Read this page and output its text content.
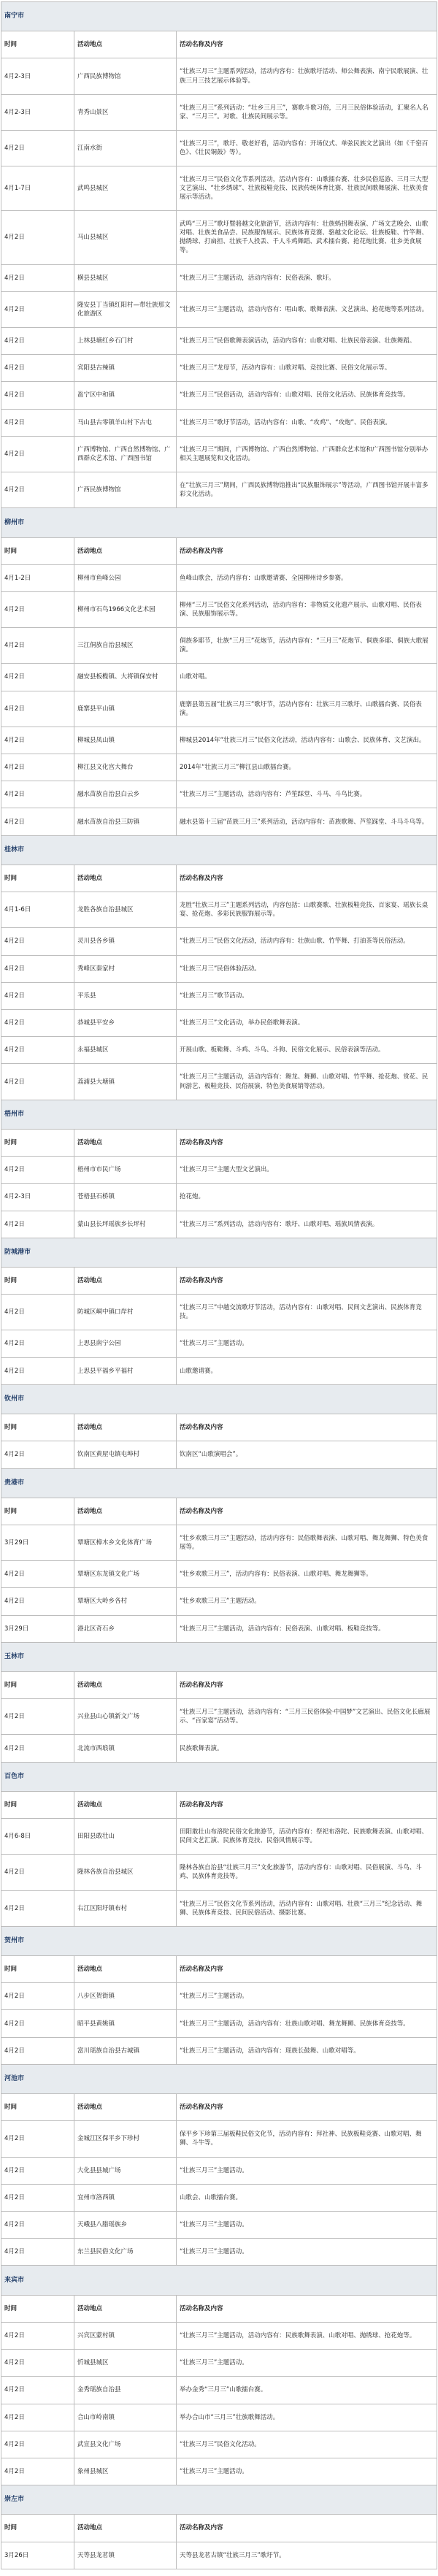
南宁市		
时间	活动地点	活动名称及内容
4月2-3日	广西民族博物馆	“壮族三月三”主题系列活动，活动内容有：壮族歌圩活动、师公舞表演、南宁民歌展演、壮族三月三技艺展示体验等。
4月2-3日	青秀山景区	“壮族三月三”系列活动：“壮乡三月三”，赛歌斗歌习俗，三月三民俗体验活动，汇聚名人名家、“三月三”。对歌、壮族民间展示等。
4月2日	江南水街	“壮族三月三”，歌圩、敬老好看，活动内容有：开场仪式、单弦民族文艺演出（如《千窑百色》、《壮民铜鼓》等）。
4月1-7日	武鸣县城区	“壮族三月三”民俗文化节系列活动，活动内容有：山歌擂台赛、壮乡民俗巡游、三月三大型文艺演出、“壮乡绣球”、壮族板鞋竞技、民族传统体育比赛、壮族民间歌舞展演、壮族美食展示等活动。
4月2日	马山县城区	武鸣“三月三”歌圩暨骆越文化旅游节，活动内容有：壮族蚂拐舞表演、广场文艺晚会、山歌对唱、壮族美食品尝、民族服饰展示、民族体育竞赛、骆越文化论坛、壮族板鞋、竹竿舞、抛绣球、打扁担、壮族千人投丢、千人斗鸡舞蹈、武术擂台赛、抢花炮比赛、壮乡美食展等。
4月2日	横县县城区	“壮族三月三”主题活动，活动内容有：民俗表演、歌圩。
4月2日	隆安县丁当镇红阳村—带壮族那文化旅游区	“壮族三月三”主题活动，活动内容有：唱山歌、歌舞表演、文艺演出、抢花炮等系列活动。
4月2日	上林县塘红乡石门村	“壮族三月三”民俗歌舞表演活动，活动内容有：山歌对唱、壮族民俗表演、壮族舞蹈。
4月2日	宾阳县古辣镇	“壮族三月三”龙母节，活动内容有：山歌对唱、竞技比赛、民俗文化展示等。
4月2日	邕宁区中和镇	“壮族三月三”民俗活动，活动内容有：山歌对唱、民俗文化活动、民族体育竞技等。
4月2日	马山县古零镇羊山村下古屯	“壮族三月三”歌圩节活动，活动内容有：山歌、“攻鸡”、“攻炮”、民俗表演。
4月2日	广西博物馆、广西自然博物馆、广西群众艺术馆、广西图书馆	“壮族三月三”期间，广西博物馆、广西自然博物馆、广西群众艺术馆和广西图书馆分别举办相关主题展览和文化活动。
4月2日	广西民族博物馆	在“壮族三月三”期间，广西民族博物馆推出“民族服饰展示”等活动，广西图书馆开展丰富多彩文化活动。
柳州市		
时间	活动地点	活动名称及内容
4月1-2日	柳州市鱼峰公园	鱼峰山歌会，活动内容有：山歌邀请赛、全国柳州诗乡参赛。
4月2日	柳州市石鸟1966文化艺术园	柳州“三月三”民俗文化系列活动，活动内容有：非物质文化遗产展示、山歌对唱、民俗表演、民族服饰展示等。
4月2日	三江侗族自治县城区	侗族多耶节，壮族“三月三”花炮节，活动内容有：“三月三”花炮节、侗族多耶、侗族大歌展演。
4月2日	融安县板榄镇、大将镇保安村	山歌对唱。
4月2日	鹿寨县平山镇	鹿寨县第五届“壮族三月三”歌圩节，活动内容有：壮族三月三歌圩、山歌擂台赛、民俗表演。
4月2日	柳城县凤山镇	柳城县2014年“壮族三月三”民俗文化活动，活动内容有：山歌会、民族体育、文艺演出。
4月2日	柳江县文化宫大舞台	2014年“壮族三月三”柳江县山歌擂台赛。
4月2日	融水苗族自治县白云乡	“壮族三月三”主题活动，活动内容有：芦笙踩堂、斗马、斗鸟比赛。
4月2日	融水苗族自治县三防镇	融水县第十三届“苗族三月三”系列活动，活动内容有：苗族歌舞、芦笙踩堂、斗马斗鸟等。
桂林市		
时间	活动地点	活动名称及内容
4月1-6日	龙胜各族自治县城区	龙胜“壮族三月三”主题系列活动，内容包括：山歌赛歌、壮族板鞋竞技、百家宴、瑶族长桌宴、抢花炮、多彩民族服饰展示等。
4月2日	灵川县各乡镇	“壮族三月三”民俗文化活动，活动内容有：壮族山歌、竹竿舞、打油茶等民俗活动。
4月2日	秀峰区秦家村	“壮族三月三”民俗体验活动。
4月2日	平乐县	“壮族三月三”歌节活动。
4月2日	恭城县平安乡	“壮族三月三”文化活动，举办民俗歌舞表演。
4月2日	永福县城区	开展山歌、板鞋舞、斗鸡、斗鸟、斗狗、民俗文化展示、民俗表演等活动。
4月2日	荔浦县大塘镇	“壮族三月三”主题活动，活动内容有：舞龙、舞狮、山歌对唱、竹竿舞、抢花炮、赏花、民间游艺、板鞋竞技、民俗展演、特色美食展销等活动。
梧州市		
时间	活动地点	活动名称及内容
4月2日	梧州市市民广场	“壮族三月三”主题大型文艺演出。
4月2-3日	苍梧县石桥镇	抢花炮。
4月2日	蒙山县长坪瑶族乡长坪村	“壮族三月三”系列活动，活动内容有：歌圩、山歌对唱、瑶族风情表演。
防城港市		
时间	活动地点	活动名称及内容
4月2日	防城区峒中镇口岸村	“壮族三月三”中越交流歌圩节活动，活动内容有：山歌对唱、民间文艺演出、民族体育竞技。
4月2日	上思县南宁公园	“壮族三月三”主题活动。
4月2日	上思县平福乡平福村	山歌邀请赛。
钦州市		
时间	活动地点	活动名称及内容
4月2日	钦南区黄屋屯镇屯埠村	钦南区“山歌演唱会”。
贵港市		
时间	活动地点	活动名称及内容
3月29日	覃塘区樟木乡文化体育广场	“壮乡欢歌三月三”主题活动，活动内容有：民俗歌舞表演、山歌对唱、舞龙舞狮、特色美食展等。
4月2日	覃塘区东龙镇文化广场	“壮乡欢歌三月三”，活动内容有：民俗表演、山歌对唱、舞龙舞狮等。
4月2日	覃塘区大岭乡各村	“壮乡欢歌三月三”主题活动。
3月29日	港北区奇石乡	“壮族三月三”主题活动，活动内容有：民俗表演、山歌对唱、板鞋竞技等。
玉林市		
时间	活动地点	活动名称及内容
4月2日	兴业县山心镇新文广场	“壮族三月三”主题活动，活动内容有：“三月三民俗体验·中国梦”文艺演出、民俗文化长廊展示、“百家宴”活动等。
4月2日	北流市西埌镇	民族歌舞表演。
百色市		
时间	活动地点	活动名称及内容
4月6-8日	田阳县敢壮山	田阳敢壮山布洛陀民俗文化旅游节，活动内容有：祭祀布洛陀、民族歌舞表演、山歌对唱、民间文艺汇演、民族体育竞技、民俗风情展示等。
4月2日	隆林各族自治县城区	隆林各族自治县“壮族三月三”文化旅游节，活动内容有：山歌对唱、民俗展演、斗鸟、斗鸡、民族体育竞技等。
4月2日	右江区阳圩镇布村	“壮族三月三”民俗文化节系列活动，活动内容有：山歌对唱、壮族“三月三”纪念活动、舞狮、民族体育竞技、民间民俗活动、摄影比赛。
贺州市		
时间	活动地点	活动名称及内容
4月2日	八步区贺街镇	“壮族三月三”主题活动。
4月2日	昭平县黄姚镇	“壮族三月三”主题活动，活动内容有：壮族山歌对唱、舞龙舞狮、民族体育竞技等。
4月2日	富川瑶族自治县古城镇	“壮族三月三”主题活动，活动内容有：瑶族长鼓舞、山歌对唱等。
河池市		
时间	活动地点	活动名称及内容
4月2日	金城江区保平乡下珍村	保平乡下珍第三届板鞋民俗文化节，活动内容有：拜社神、民族板鞋竞赛、山歌对唱、舞狮、斗牛等。
4月2日	大化县县城广场	“壮族三月三”主题活动。
4月2日	宜州市洛西镇	山歌会、山歌擂台赛。
4月2日	天峨县八腊瑶族乡	“壮族三月三”主题活动。
4月2日	东兰县民俗文化广场	“壮族三月三”主题活动。
来宾市		
时间	活动地点	活动名称及内容
4月2日	兴宾区蒙村镇	“壮族三月三”主题活动，活动内容有：民族歌舞表演、山歌对唱、抛绣球、抢花炮等。
4月2日	忻城县城区	“壮族三月三”主题活动。
4月2日	金秀瑶族自治县	举办金秀“三月三”山歌擂台赛。
4月2日	合山市岭南镇	举办合山市“三月三”壮族歌舞活动。
4月2日	武宣县文化广场	“壮族三月三”民俗文化活动。
4月2日	象州县城区	“壮族三月三”主题活动。
崇左市		
时间	活动地点	活动名称及内容
3月26日	天等县龙茗镇	天等县龙茗古镇“壮族三月三”歌圩节。
